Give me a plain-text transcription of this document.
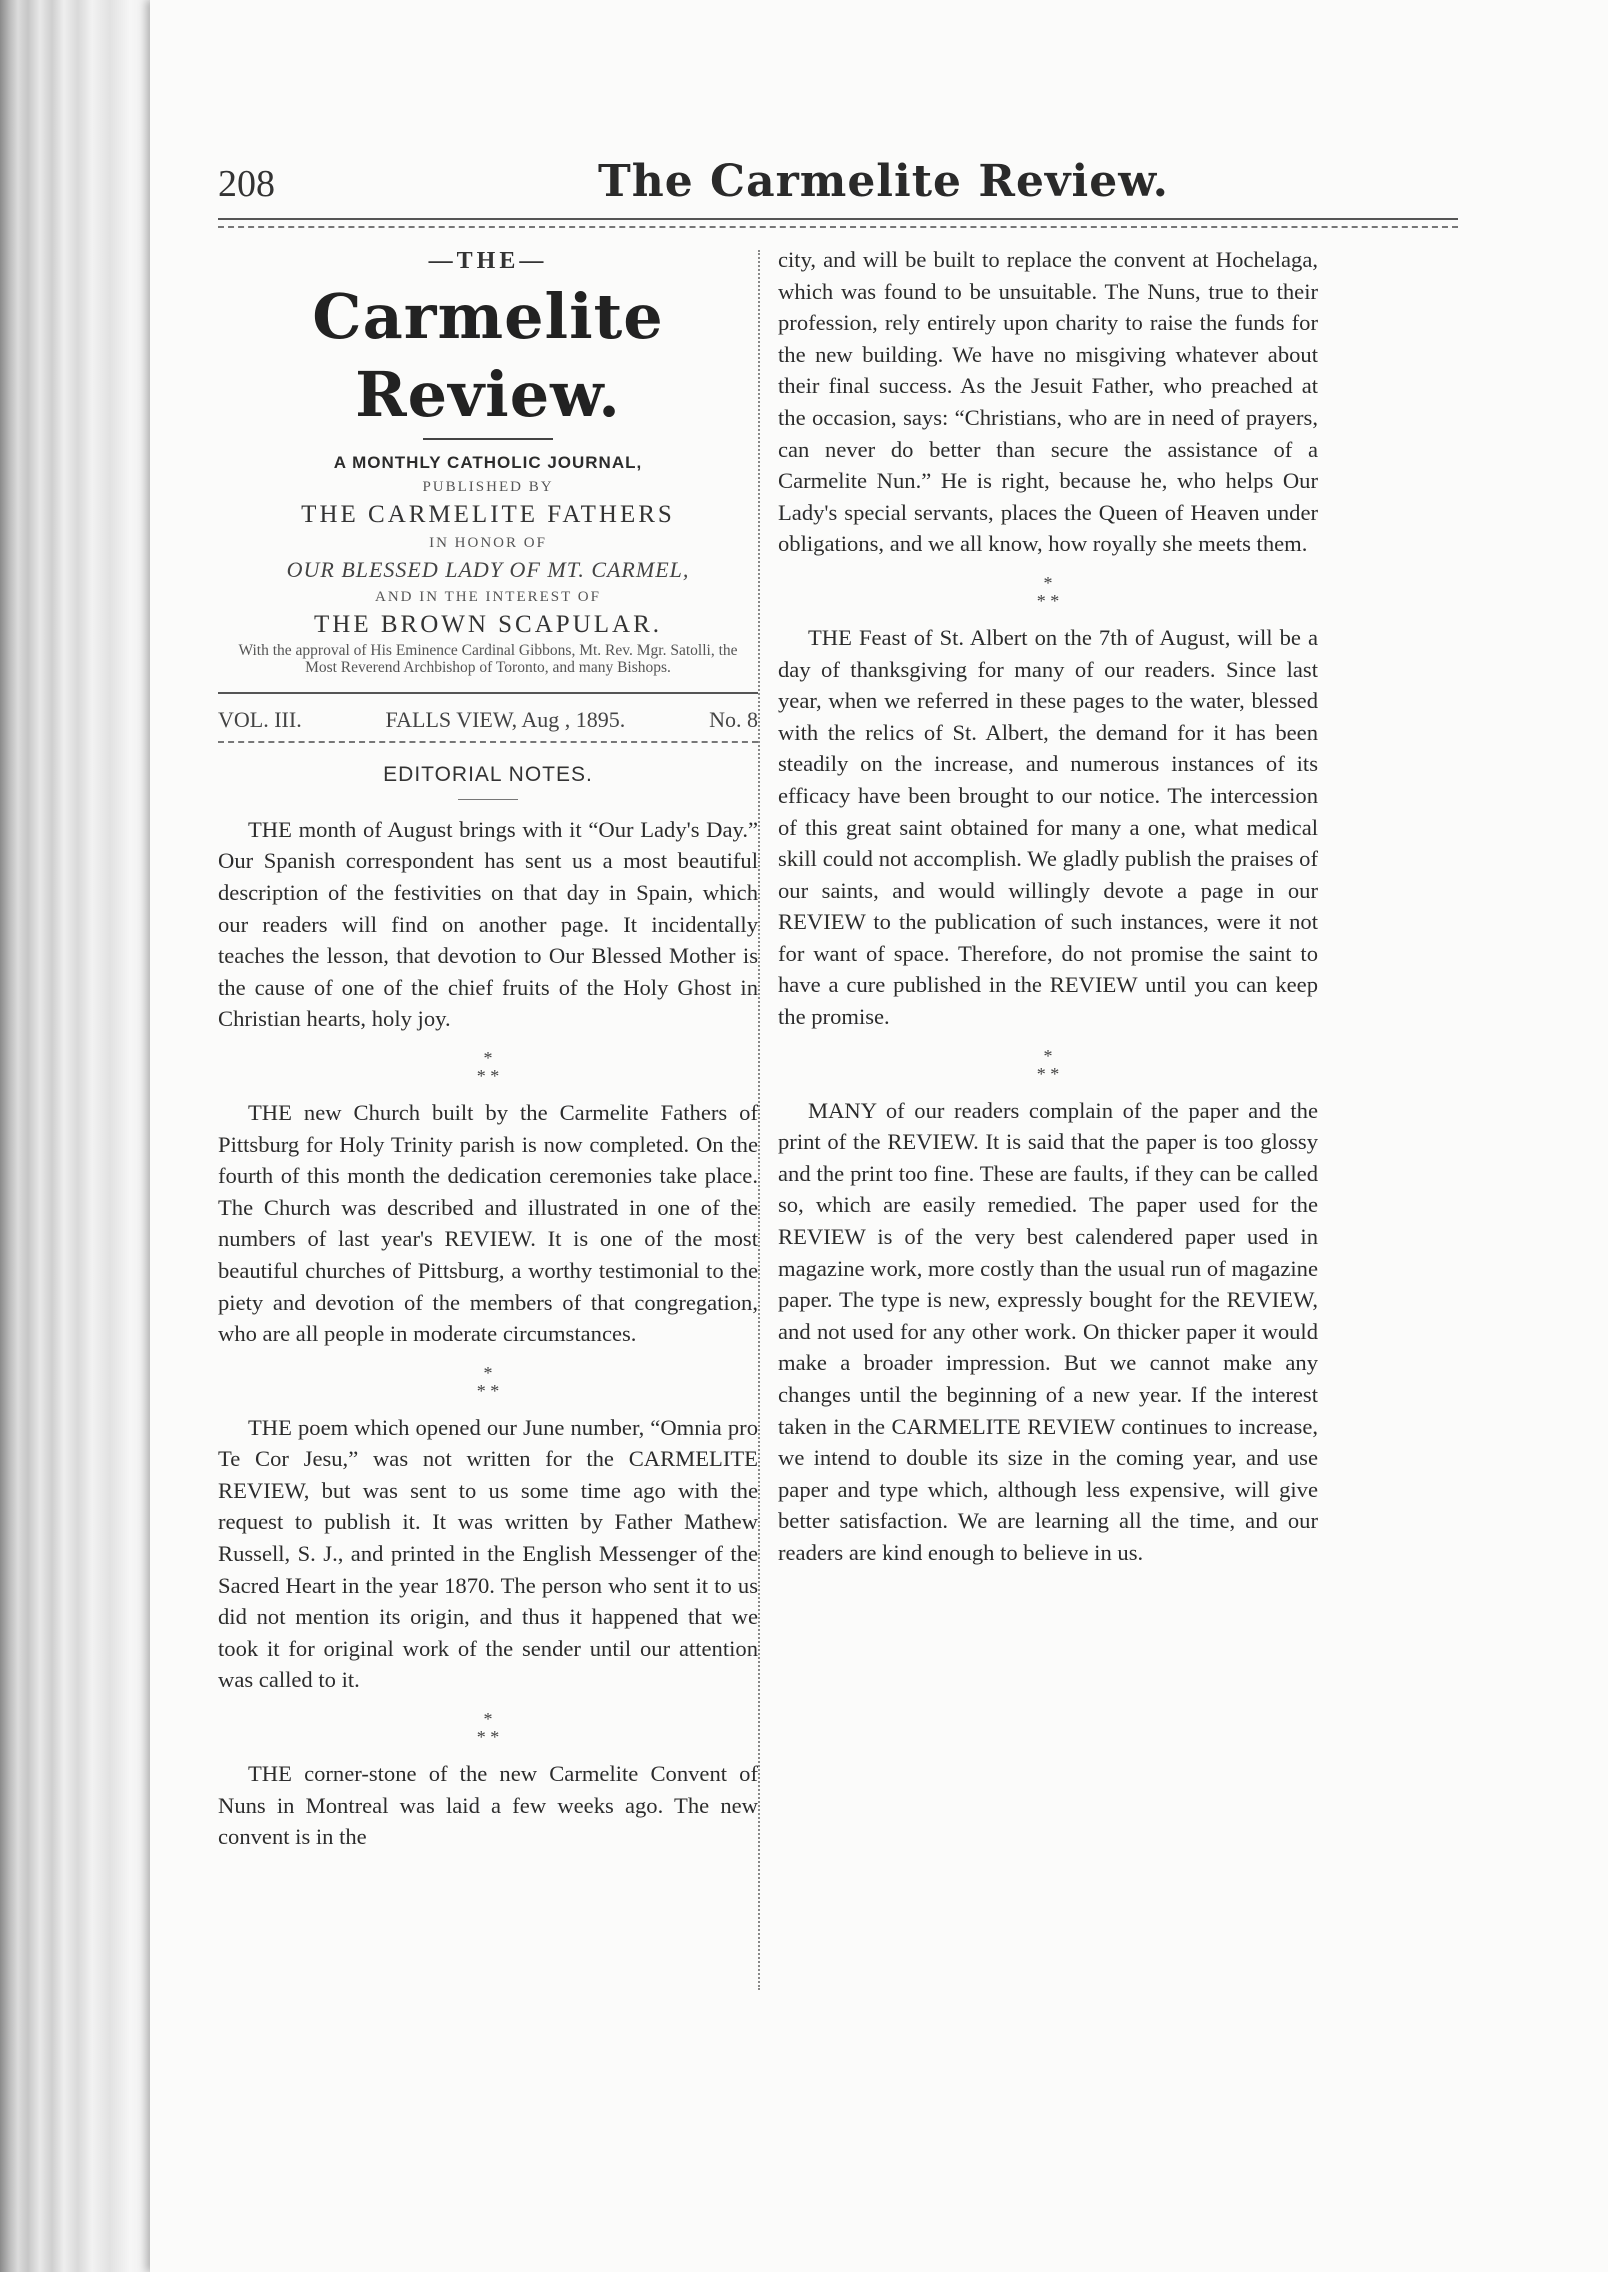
208	The Carmelite Review.
—THE—
Carmelite Review.
A MONTHLY CATHOLIC JOURNAL,
PUBLISHED BY
THE CARMELITE FATHERS
IN HONOR OF
OUR BLESSED LADY OF MT. CARMEL,
AND IN THE INTEREST OF
THE BROWN SCAPULAR.
With the approval of His Eminence Cardinal Gibbons, Mt. Rev. Mgr. Satolli, the Most Reverend Archbishop of Toronto, and many Bishops.
VOL. III.	FALLS VIEW, Aug , 1895.	No. 8
EDITORIAL NOTES.

THE month of August brings with it “Our Lady's Day.” Our Spanish correspondent has sent us a most beautiful description of the festivities on that day in Spain, which our readers will find on another page. It incidentally teaches the lesson, that devotion to Our Blessed Mother is the cause of one of the chief fruits of the Holy Ghost in Christian hearts, holy joy.

*
* *

THE new Church built by the Carmelite Fathers of Pittsburg for Holy Trinity parish is now completed. On the fourth of this month the dedication ceremonies take place. The Church was described and illustrated in one of the numbers of last year's REVIEW. It is one of the most beautiful churches of Pittsburg, a worthy testimonial to the piety and devotion of the members of that congregation, who are all people in moderate circumstances.

*
* *

THE poem which opened our June number, “Omnia pro Te Cor Jesu,” was not written for the CARMELITE REVIEW, but was sent to us some time ago with the request to publish it. It was written by Father Mathew Russell, S. J., and printed in the English Messenger of the Sacred Heart in the year 1870. The person who sent it to us did not mention its origin, and thus it happened that we took it for original work of the sender until our attention was called to it.

*
* *

THE corner-stone of the new Carmelite Convent of Nuns in Montreal was laid a few weeks ago. The new convent is in the

city, and will be built to replace the convent at Hochelaga, which was found to be unsuitable. The Nuns, true to their profession, rely entirely upon charity to raise the funds for the new building. We have no misgiving whatever about their final success. As the Jesuit Father, who preached at the occasion, says: “Christians, who are in need of prayers, can never do better than secure the assistance of a Carmelite Nun.” He is right, because he, who helps Our Lady's special servants, places the Queen of Heaven under obligations, and we all know, how royally she meets them.

*
* *

THE Feast of St. Albert on the 7th of August, will be a day of thanksgiving for many of our readers. Since last year, when we referred in these pages to the water, blessed with the relics of St. Albert, the demand for it has been steadily on the increase, and numerous instances of its efficacy have been brought to our notice. The intercession of this great saint obtained for many a one, what medical skill could not accomplish. We gladly publish the praises of our saints, and would willingly devote a page in our REVIEW to the publication of such instances, were it not for want of space. Therefore, do not promise the saint to have a cure published in the REVIEW until you can keep the promise.

*
* *

MANY of our readers complain of the paper and the print of the REVIEW. It is said that the paper is too glossy and the print too fine. These are faults, if they can be called so, which are easily remedied. The paper used for the REVIEW is of the very best calendered paper used in magazine work, more costly than the usual run of magazine paper. The type is new, expressly bought for the REVIEW, and not used for any other work. On thicker paper it would make a broader impression. But we cannot make any changes until the beginning of a new year. If the interest taken in the CARMELITE REVIEW continues to increase, we intend to double its size in the coming year, and use paper and type which, although less expensive, will give better satisfaction. We are learning all the time, and our readers are kind enough to believe in us.
